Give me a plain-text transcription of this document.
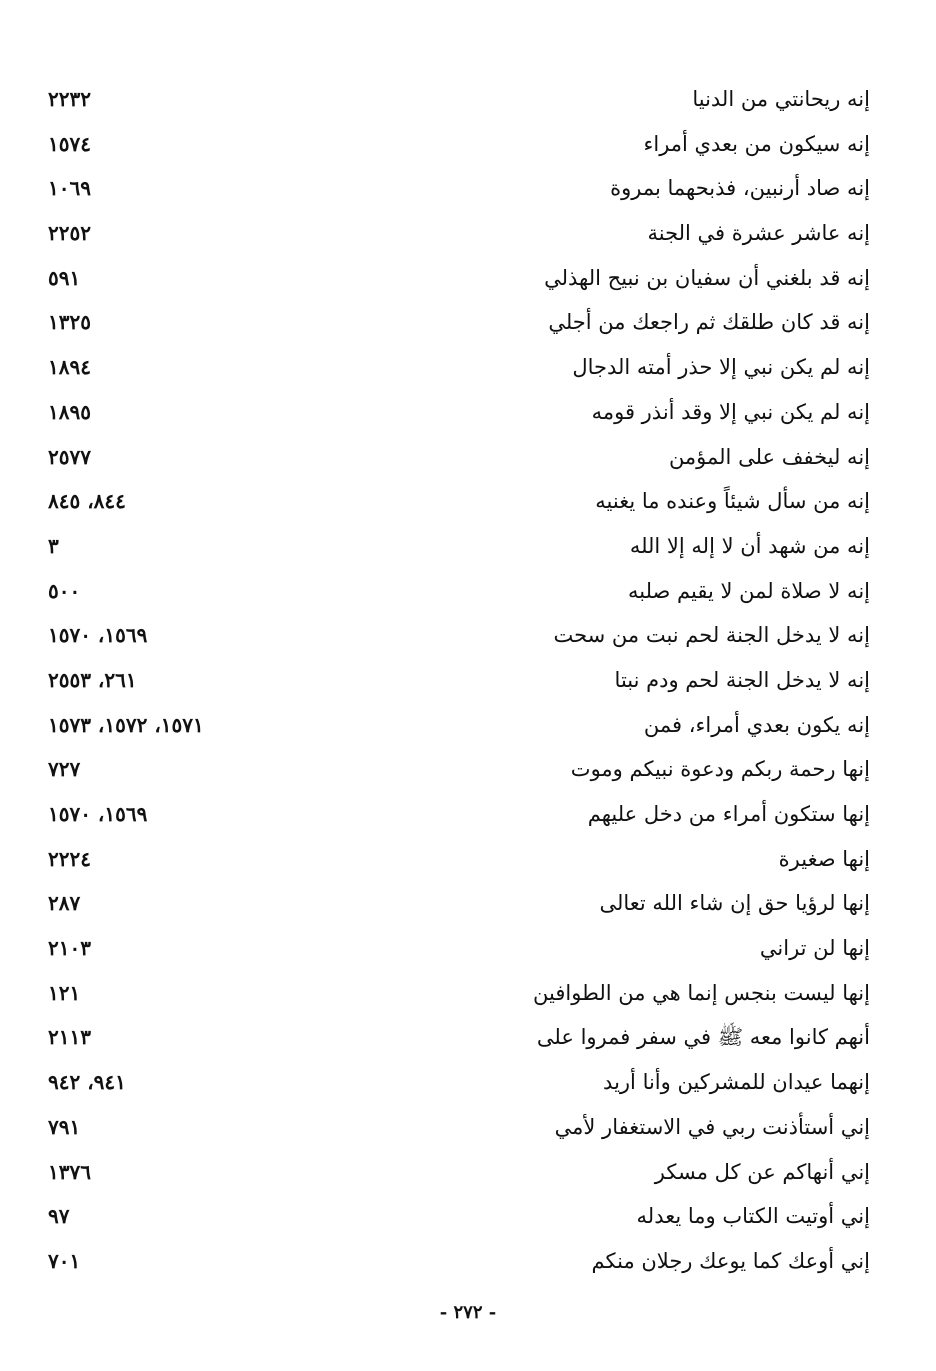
إنه ريحانتي من الدنيا
٢٢٣٢
إنه سيكون من بعدي أمراء
١٥٧٤
إنه صاد أرنبين، فذبحهما بمروة
١٠٦٩
إنه عاشر عشرة في الجنة
٢٢٥٢
إنه قد بلغني أن سفيان بن نبيح الهذلي
٥٩١
إنه قد كان طلقك ثم راجعك من أجلي
١٣٢٥
إنه لم يكن نبي إلا حذر أمته الدجال
١٨٩٤
إنه لم يكن نبي إلا وقد أنذر قومه
١٨٩٥
إنه ليخفف على المؤمن
٢٥٧٧
إنه من سأل شيئاً وعنده ما يغنيه
٨٤٤، ٨٤٥
إنه من شهد أن لا إله إلا الله
٣
إنه لا صلاة لمن لا يقيم صلبه
٥٠٠
إنه لا يدخل الجنة لحم نبت من سحت
١٥٦٩، ١٥٧٠
إنه لا يدخل الجنة لحم ودم نبتا
٢٦١، ٢٥٥٣
إنه يكون بعدي أمراء، فمن
١٥٧١، ١٥٧٢، ١٥٧٣
إنها رحمة ربكم ودعوة نبيكم وموت
٧٢٧
إنها ستكون أمراء من دخل عليهم
١٥٦٩، ١٥٧٠
إنها صغيرة
٢٢٢٤
إنها لرؤيا حق إن شاء الله تعالى
٢٨٧
إنها لن تراني
٢١٠٣
إنها ليست بنجس إنما هي من الطوافين
١٢١
أنهم كانوا معه ﷺ في سفر فمروا على
٢١١٣
إنهما عيدان للمشركين وأنا أريد
٩٤١، ٩٤٢
إني أستأذنت ربي في الاستغفار لأمي
٧٩١
إني أنهاكم عن كل مسكر
١٣٧٦
إني أوتيت الكتاب وما يعدله
٩٧
إني أوعك كما يوعك رجلان منكم
٧٠١
- ٢٧٢ -
